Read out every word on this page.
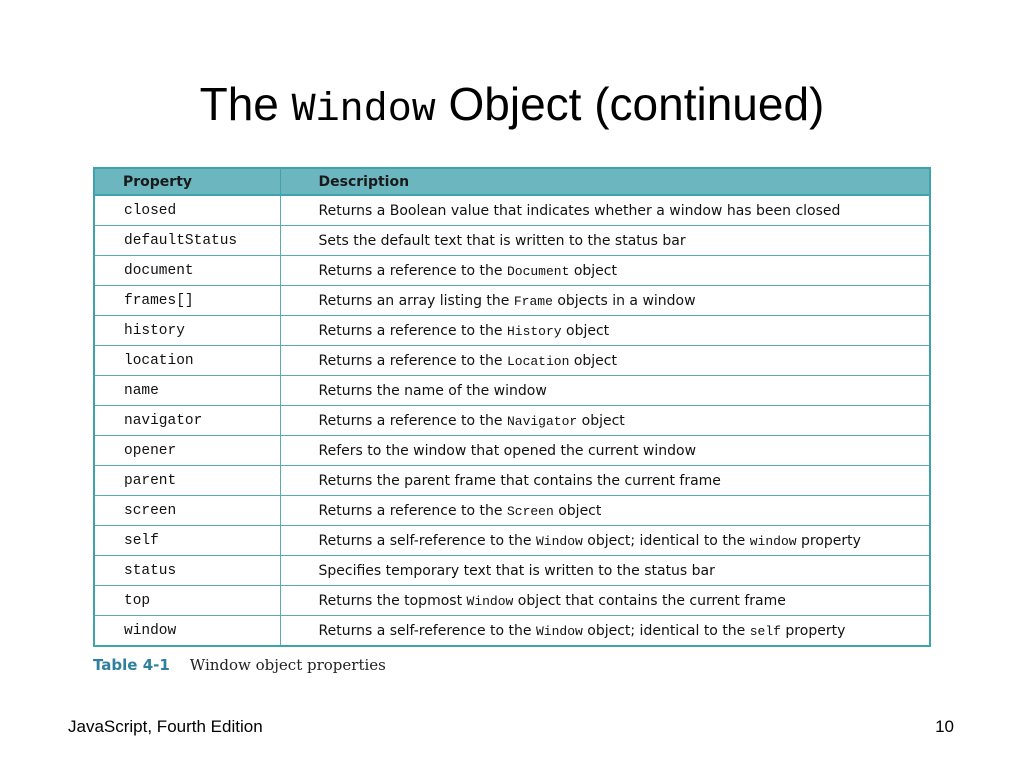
The Window Object (continued)
Property	Description
closed	Returns a Boolean value that indicates whether a window has been closed
defaultStatus	Sets the default text that is written to the status bar
document	Returns a reference to the Document object
frames[]	Returns an array listing the Frame objects in a window
history	Returns a reference to the History object
location	Returns a reference to the Location object
name	Returns the name of the window
navigator	Returns a reference to the Navigator object
opener	Refers to the window that opened the current window
parent	Returns the parent frame that contains the current frame
screen	Returns a reference to the Screen object
self	Returns a self-reference to the Window object; identical to the window property
status	Specifies temporary text that is written to the status bar
top	Returns the topmost Window object that contains the current frame
window	Returns a self-reference to the Window object; identical to the self property
Table 4-1 Window object properties
JavaScript, Fourth Edition	10
